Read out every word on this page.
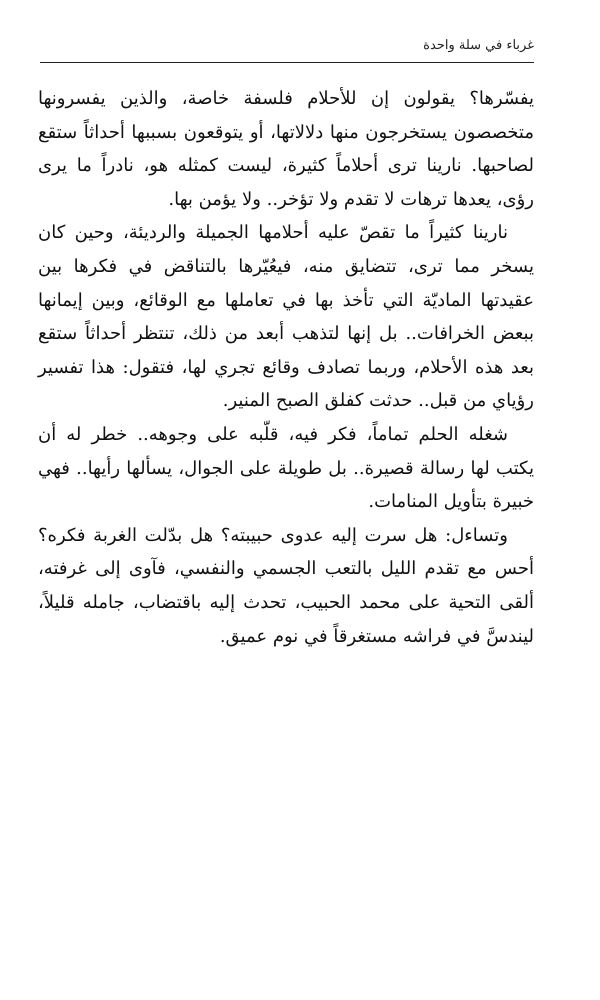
غرباء في سلة واحدة

يفسّرها؟ يقولون إن للأحلام فلسفة خاصة، والذين يفسرونها متخصصون يستخرجون منها دلالاتها، أو يتوقعون بسببها أحداثاً ستقع لصاحبها. نارينا ترى أحلاماً كثيرة، ليست كمثله هو، نادراً ما يرى رؤى، يعدها ترهات لا تقدم ولا تؤخر.. ولا يؤمن بها.

نارينا كثيراً ما تقصّ عليه أحلامها الجميلة والرديئة، وحين كان يسخر مما ترى، تتضايق منه، فيعُيّرها بالتناقض في فكرها بين عقيدتها الماديّة التي تأخذ بها في تعاملها مع الوقائع، وبين إيمانها ببعض الخرافات.. بل إنها لتذهب أبعد من ذلك، تنتظر أحداثاً ستقع بعد هذه الأحلام، وربما تصادف وقائع تجري لها، فتقول: هذا تفسير رؤياي من قبل.. حدثت كفلق الصبح المنير.

شغله الحلم تماماً، فكر فيه، قلّبه على وجوهه.. خطر له أن يكتب لها رسالة قصيرة.. بل طويلة على الجوال، يسألها رأيها.. فهي خبيرة بتأويل المنامات.

وتساءل: هل سرت إليه عدوى حبيبته؟ هل بدّلت الغربة فكره؟ أحس مع تقدم الليل بالتعب الجسمي والنفسي، فآوى إلى غرفته، ألقى التحية على محمد الحبيب، تحدث إليه باقتضاب، جامله قليلاً، ليندسَّ في فراشه مستغرقاً في نوم عميق.
